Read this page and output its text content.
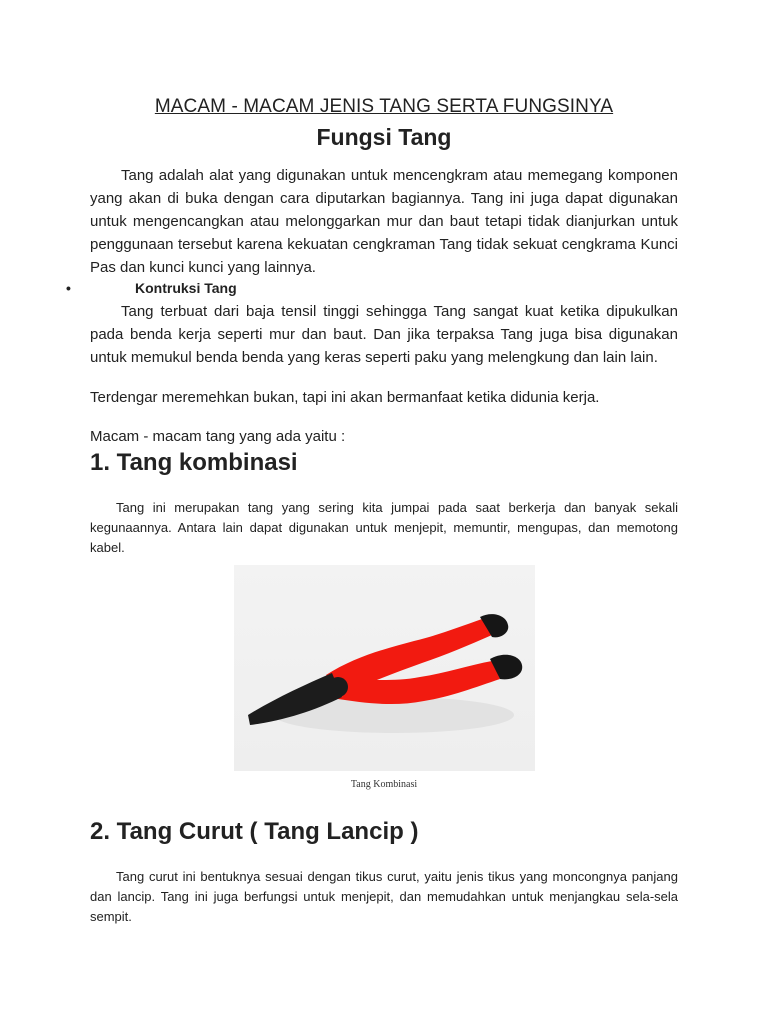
MACAM - MACAM JENIS TANG SERTA FUNGSINYA
Fungsi Tang

Tang adalah alat yang digunakan untuk mencengkram atau memegang komponen yang akan di buka dengan cara diputarkan bagiannya. Tang ini juga dapat digunakan untuk mengencangkan atau melonggarkan mur dan baut tetapi tidak dianjurkan untuk penggunaan tersebut karena kekuatan cengkraman Tang tidak sekuat cengkrama Kunci Pas dan kunci kunci yang lainnya.

•	Kontruksi Tang

Tang terbuat dari baja tensil tinggi sehingga Tang sangat kuat ketika dipukulkan pada benda kerja seperti mur dan baut. Dan jika terpaksa Tang juga bisa digunakan untuk memukul benda benda yang keras seperti paku yang melengkung dan lain lain.

Terdengar meremehkan bukan, tapi ini akan bermanfaat ketika didunia kerja.

Macam - macam tang yang ada yaitu :

1. Tang kombinasi

Tang ini merupakan tang yang sering kita jumpai pada saat berkerja dan banyak sekali kegunaannya. Antara lain dapat digunakan untuk menjepit, memuntir, mengupas, dan memotong kabel.

Tang Kombinasi
2. Tang Curut ( Tang Lancip )

Tang curut ini bentuknya sesuai dengan tikus curut, yaitu jenis tikus yang moncongnya panjang dan lancip. Tang ini juga berfungsi untuk menjepit, dan memudahkan untuk menjangkau sela-sela sempit.
